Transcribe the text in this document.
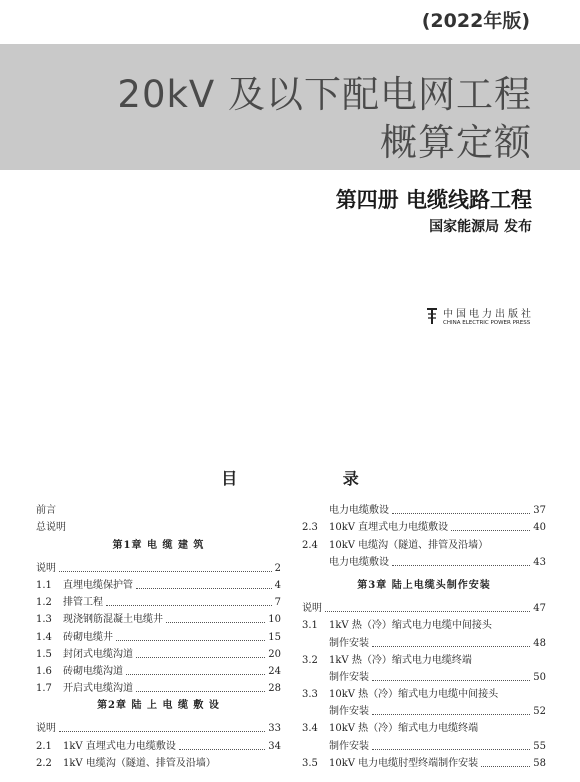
(2022年版)
20kV 及以下配电网工程
概算定额
第四册 电缆线路工程
国家能源局 发布
中国电力出版社
CHINA ELECTRIC POWER PRESS
目 录
前言
总说明
第1章 电 缆 建 筑
说明	2
1.1	直埋电缆保护管	4
1.2	排管工程	7
1.3	现浇钢筋混凝土电缆井	10
1.4	砖砌电缆井	15
1.5	封闭式电缆沟道	20
1.6	砖砌电缆沟道	24
1.7	开启式电缆沟道	28
第2章 陆 上 电 缆 敷 设
说明	33
2.1	1kV 直埋式电力电缆敷设	34
2.2	1kV 电缆沟（隧道、排管及沿墙）
电力电缆敷设	37
2.3	10kV 直埋式电力电缆敷设	40
2.4	10kV 电缆沟（隧道、排管及沿墙）
电力电缆敷设	43
第3章 陆上电缆头制作安装
说明	47
3.1	1kV 热（冷）缩式电力电缆中间接头
制作安装	48
3.2	1kV 热（冷）缩式电力电缆终端
制作安装	50
3.3	10kV 热（冷）缩式电力电缆中间接头
制作安装	52
3.4	10kV 热（冷）缩式电力电缆终端
制作安装	55
3.5	10kV 电力电缆肘型终端制作安装	58
